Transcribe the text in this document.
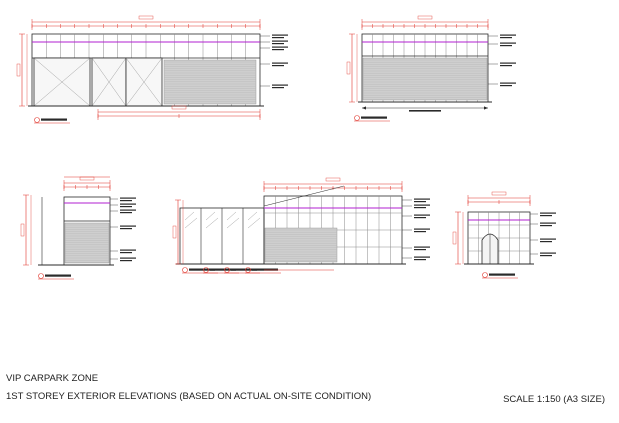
VIP CARPARK ZONE
1ST STOREY EXTERIOR ELEVATIONS (BASED ON ACTUAL ON-SITE CONDITION)	SCALE 1:150 (A3 SIZE)
